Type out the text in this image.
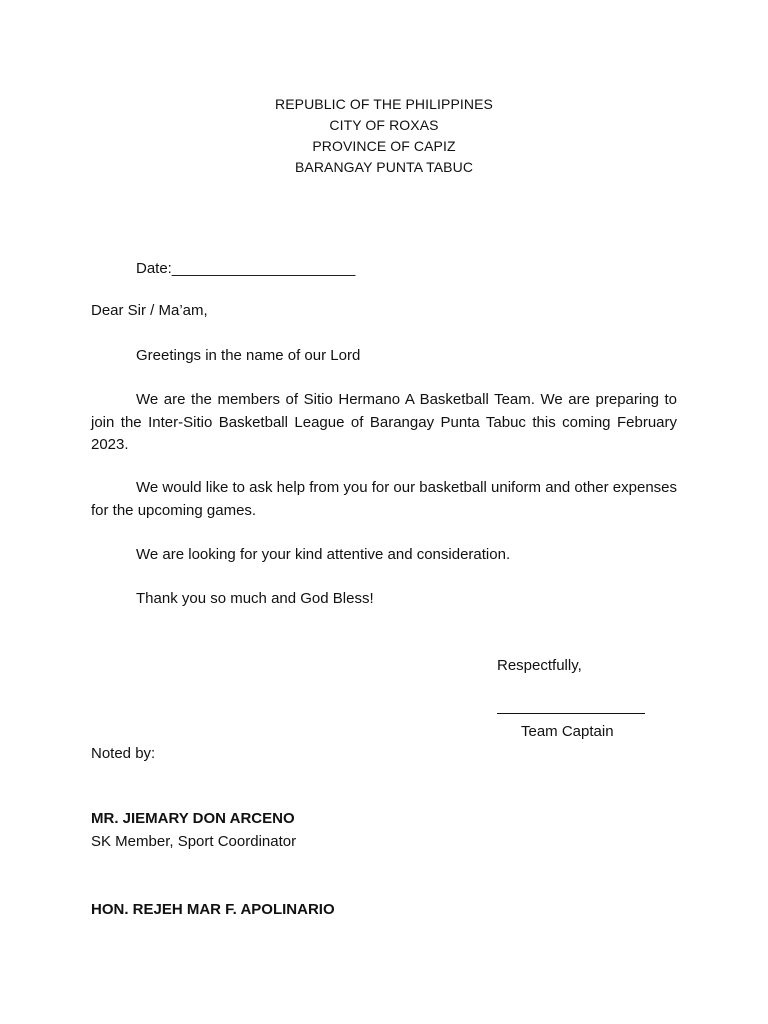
REPUBLIC OF THE PHILIPPINES
CITY OF ROXAS
PROVINCE OF CAPIZ
BARANGAY PUNTA TABUC
Date:______________________
Dear Sir / Ma’am,
Greetings in the name of our Lord
We are the members of Sitio Hermano A Basketball Team. We are preparing to join the Inter-Sitio Basketball League of Barangay Punta Tabuc this coming February 2023.
We would like to ask help from you for our basketball uniform and other expenses for the upcoming games.
We are looking for your kind attentive and consideration.
Thank you so much and God Bless!
Respectfully,
Team Captain
Noted by:
MR. JIEMARY DON ARCENO
SK Member, Sport Coordinator
HON. REJEH MAR F. APOLINARIO
